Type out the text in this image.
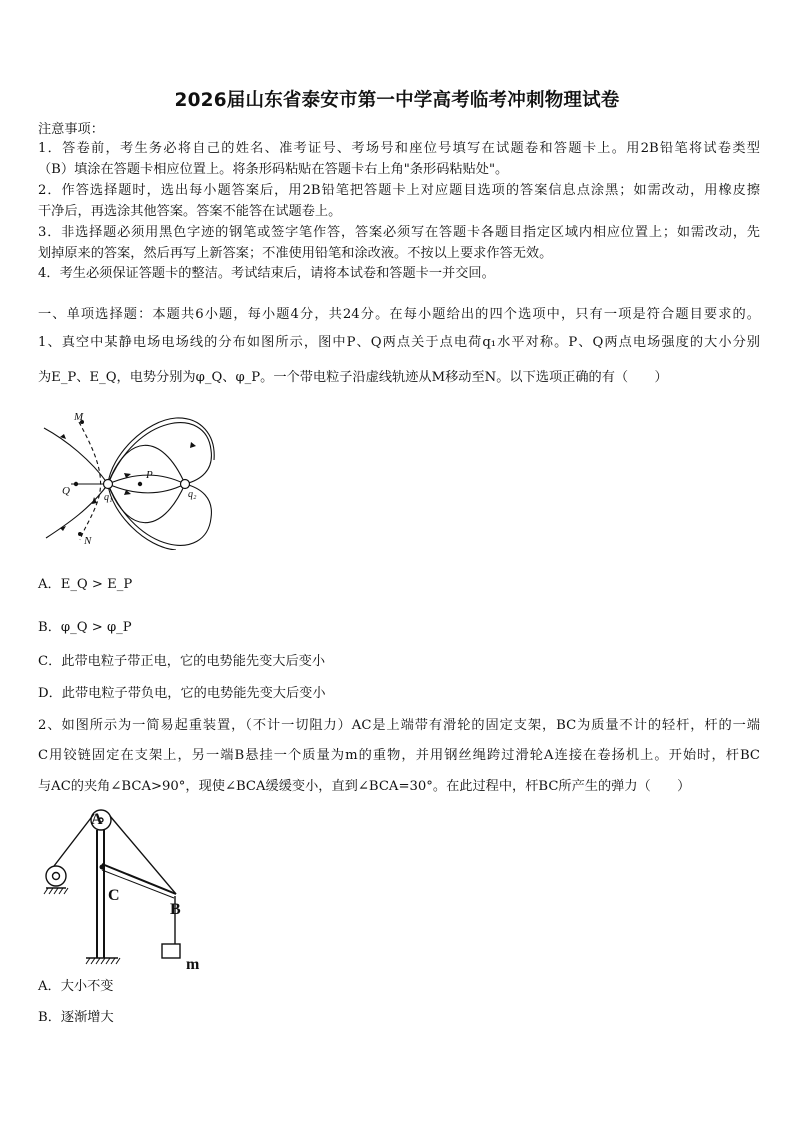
2026届山东省泰安市第一中学高考临考冲刺物理试卷
注意事项：
1．答卷前，考生务必将自己的姓名、准考证号、考场号和座位号填写在试题卷和答题卡上。用2B铅笔将试卷类型
（B）填涂在答题卡相应位置上。将条形码粘贴在答题卡右上角"条形码粘贴处"。
2．作答选择题时，选出每小题答案后，用2B铅笔把答题卡上对应题目选项的答案信息点涂黑；如需改动，用橡皮擦
干净后，再选涂其他答案。答案不能答在试题卷上。
3．非选择题必须用黑色字迹的钢笔或签字笔作答，答案必须写在答题卡各题目指定区域内相应位置上；如需改动，先
划掉原来的答案，然后再写上新答案；不准使用铅笔和涂改液。不按以上要求作答无效。
4．考生必须保证答题卡的整洁。考试结束后，请将本试卷和答题卡一并交回。
一、单项选择题：本题共6小题，每小题4分，共24分。在每小题给出的四个选项中，只有一项是符合题目要求的。
1、真空中某静电场电场线的分布如图所示，图中P、Q两点关于点电荷q₁水平对称。P、Q两点电场强度的大小分别
为E_P、E_Q，电势分别为φ_Q、φ_P。一个带电粒子沿虚线轨迹从M移动至N。以下选项正确的有（　　）
M
N
P
Q
q₁	q₂
A．E_Q > E_P
B．φ_Q > φ_P
C．此带电粒子带正电，它的电势能先变大后变小
D．此带电粒子带负电，它的电势能先变大后变小
2、如图所示为一简易起重装置，（不计一切阻力）AC是上端带有滑轮的固定支架，BC为质量不计的轻杆，杆的一端
C用铰链固定在支架上，另一端B悬挂一个质量为m的重物，并用钢丝绳跨过滑轮A连接在卷扬机上。开始时，杆BC
与AC的夹角∠BCA>90°，现使∠BCA缓缓变小，直到∠BCA=30°。在此过程中，杆BC所产生的弹力（　　）
A
C
B
m
A．大小不变
B．逐渐增大
